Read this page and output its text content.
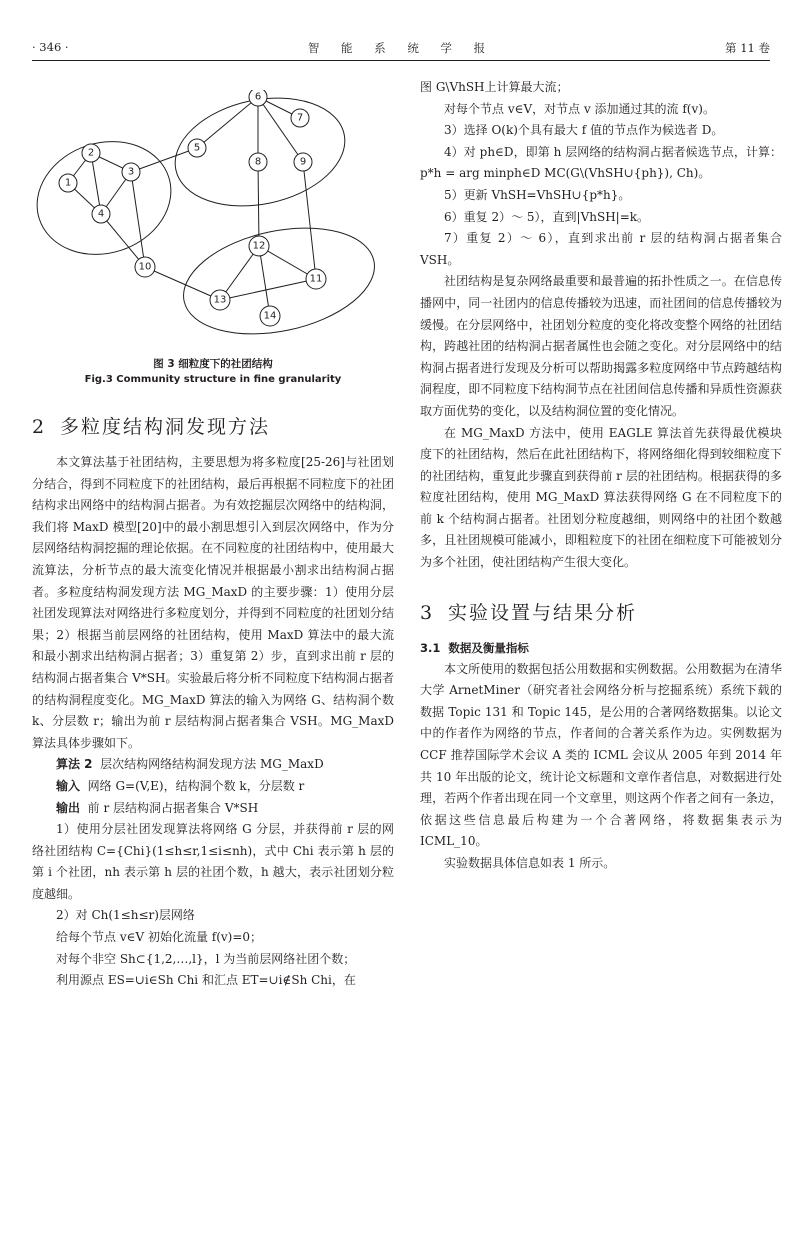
· 346 ·	智 能 系 统 学 报	第 11 卷
1
2
3
4
5
6
7
8	9
10
11
12
13
14
图 3 细粒度下的社团结构
Fig.3 Community structure in fine granularity
2 多粒度结构洞发现方法

本文算法基于社团结构，主要思想为将多粒度[25-26]与社团划分结合，得到不同粒度下的社团结构，最后再根据不同粒度下的社团结构求出网络中的结构洞占据者。为有效挖掘层次网络中的结构洞，我们将 MaxD 模型[20]中的最小割思想引入到层次网络中，作为分层网络结构洞挖掘的理论依据。在不同粒度的社团结构中，使用最大流算法，分析节点的最大流变化情况并根据最小割求出结构洞占据者。多粒度结构洞发现方法 MG_MaxD 的主要步骤：1）使用分层社团发现算法对网络进行多粒度划分，并得到不同粒度的社团划分结果；2）根据当前层网络的社团结构，使用 MaxD 算法中的最大流和最小割求出结构洞占据者；3）重复第 2）步，直到求出前 r 层的结构洞占据者集合 V*SH。实验最后将分析不同粒度下结构洞占据者的结构洞程度变化。MG_MaxD 算法的输入为网络 G、结构洞个数 k、分层数 r；输出为前 r 层结构洞占据者集合 VSH。MG_MaxD算法具体步骤如下。

算法 2 层次结构网络结构洞发现方法 MG_MaxD

输入 网络 G=(V,E)，结构洞个数 k，分层数 r

输出 前 r 层结构洞占据者集合 V*SH

1）使用分层社团发现算法将网络 G 分层，并获得前 r 层的网络社团结构 C={Chi}(1≤h≤r,1≤i≤nh)，式中 Chi 表示第 h 层的第 i 个社团，nh 表示第 h 层的社团个数，h 越大，表示社团划分粒度越细。

2）对 Ch(1≤h≤r)层网络

给每个节点 v∈V 初始化流量 f(v)=0；

对每个非空 Sh⊂{1,2,…,l}，l 为当前层网络社团个数；

利用源点 ES=∪i∈Sh Chi 和汇点 ET=∪i∉Sh Chi，在

图 G\VhSH上计算最大流；

对每个节点 v∈V，对节点 v 添加通过其的流 f(v)。

3）选择 O(k)个具有最大 f 值的节点作为候选者 D。

4）对 ph∈D，即第 h 层网络的结构洞占据者候选节点，计算：p*h = arg minph∈D MC(G\(VhSH∪{ph}), Ch)。

5）更新 VhSH=VhSH∪{p*h}。

6）重复 2）～ 5），直到|VhSH|=k。

7）重复 2）～ 6），直到求出前 r 层的结构洞占据者集合 VSH。

社团结构是复杂网络最重要和最普遍的拓扑性质之一。在信息传播网中，同一社团内的信息传播较为迅速，而社团间的信息传播较为缓慢。在分层网络中，社团划分粒度的变化将改变整个网络的社团结构，跨越社团的结构洞占据者属性也会随之变化。对分层网络中的结构洞占据者进行发现及分析可以帮助揭露多粒度网络中节点跨越结构洞程度，即不同粒度下结构洞节点在社团间信息传播和异质性资源获取方面优势的变化，以及结构洞位置的变化情况。

在 MG_MaxD 方法中，使用 EAGLE 算法首先获得最优模块度下的社团结构，然后在此社团结构下，将网络细化得到较细粒度下的社团结构，重复此步骤直到获得前 r 层的社团结构。根据获得的多粒度社团结构，使用 MG_MaxD 算法获得网络 G 在不同粒度下的前 k 个结构洞占据者。社团划分粒度越细，则网络中的社团个数越多，且社团规模可能减小，即粗粒度下的社团在细粒度下可能被划分为多个社团，使社团结构产生很大变化。

3 实验设置与结果分析
3.1 数据及衡量指标

本文所使用的数据包括公用数据和实例数据。公用数据为在清华大学 ArnetMiner（研究者社会网络分析与挖掘系统）系统下载的数据 Topic 131 和 Topic 145，是公用的合著网络数据集。以论文中的作者作为网络的节点，作者间的合著关系作为边。实例数据为 CCF 推荐国际学术会议 A 类的 ICML 会议从 2005 年到 2014 年共 10 年出版的论文，统计论文标题和文章作者信息，对数据进行处理，若两个作者出现在同一个文章里，则这两个作者之间有一条边，依据这些信息最后构建为一个合著网络，将数据集表示为 ICML_10。

实验数据具体信息如表 1 所示。
